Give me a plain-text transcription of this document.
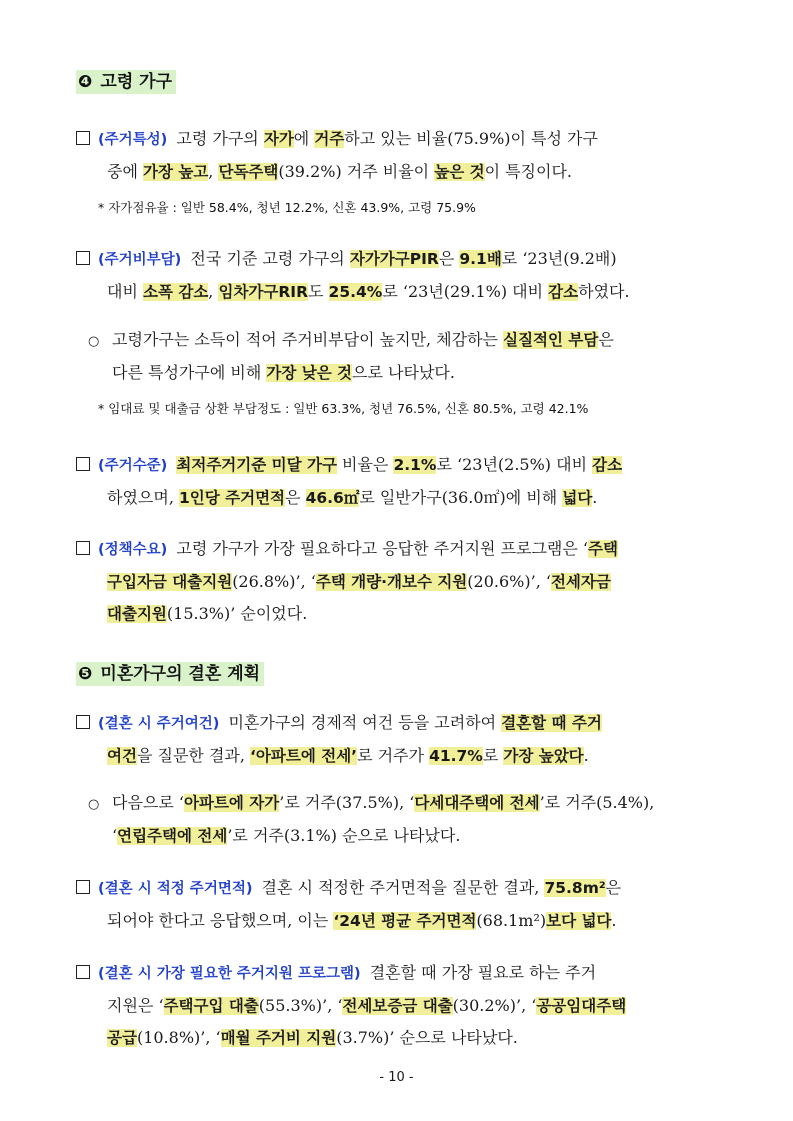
❹ 고령 가구
(주거특성) 고령 가구의 자가에 거주하고 있는 비율(75.9%)이 특성 가구
중에 가장 높고, 단독주택(39.2%) 거주 비율이 높은 것이 특징이다.
* 자가점유율 : 일반 58.4%, 청년 12.2%, 신혼 43.9%, 고령 75.9%
(주거비부담) 전국 기준 고령 가구의 자가가구PIR은 9.1배로 ‘23년(9.2배)
대비 소폭 감소, 임차가구RIR도 25.4%로 ‘23년(29.1%) 대비 감소하였다.
○ 고령가구는 소득이 적어 주거비부담이 높지만, 체감하는 실질적인 부담은
다른 특성가구에 비해 가장 낮은 것으로 나타났다.
* 임대료 및 대출금 상환 부담정도 : 일반 63.3%, 청년 76.5%, 신혼 80.5%, 고령 42.1%
(주거수준) 최저주거기준 미달 가구 비율은 2.1%로 ‘23년(2.5%) 대비 감소
하였으며, 1인당 주거면적은 46.6㎡로 일반가구(36.0㎡)에 비해 넓다.
(정책수요) 고령 가구가 가장 필요하다고 응답한 주거지원 프로그램은 ‘주택
구입자금 대출지원(26.8%)’, ‘주택 개량·개보수 지원(20.6%)’, ‘전세자금
대출지원(15.3%)’ 순이었다.
❺ 미혼가구의 결혼 계획
(결혼 시 주거여건) 미혼가구의 경제적 여건 등을 고려하여 결혼할 때 주거
여건을 질문한 결과, ‘아파트에 전세’로 거주가 41.7%로 가장 높았다.
○ 다음으로 ‘아파트에 자가’로 거주(37.5%), ‘다세대주택에 전세’로 거주(5.4%),
‘연립주택에 전세’로 거주(3.1%) 순으로 나타났다.
(결혼 시 적정 주거면적) 결혼 시 적정한 주거면적을 질문한 결과, 75.8m²은
되어야 한다고 응답했으며, 이는 ‘24년 평균 주거면적(68.1m²)보다 넓다.
(결혼 시 가장 필요한 주거지원 프로그램) 결혼할 때 가장 필요로 하는 주거
지원은 ‘주택구입 대출(55.3%)’, ‘전세보증금 대출(30.2%)’, ‘공공임대주택
공급(10.8%)’, ‘매월 주거비 지원(3.7%)’ 순으로 나타났다.
- 10 -
